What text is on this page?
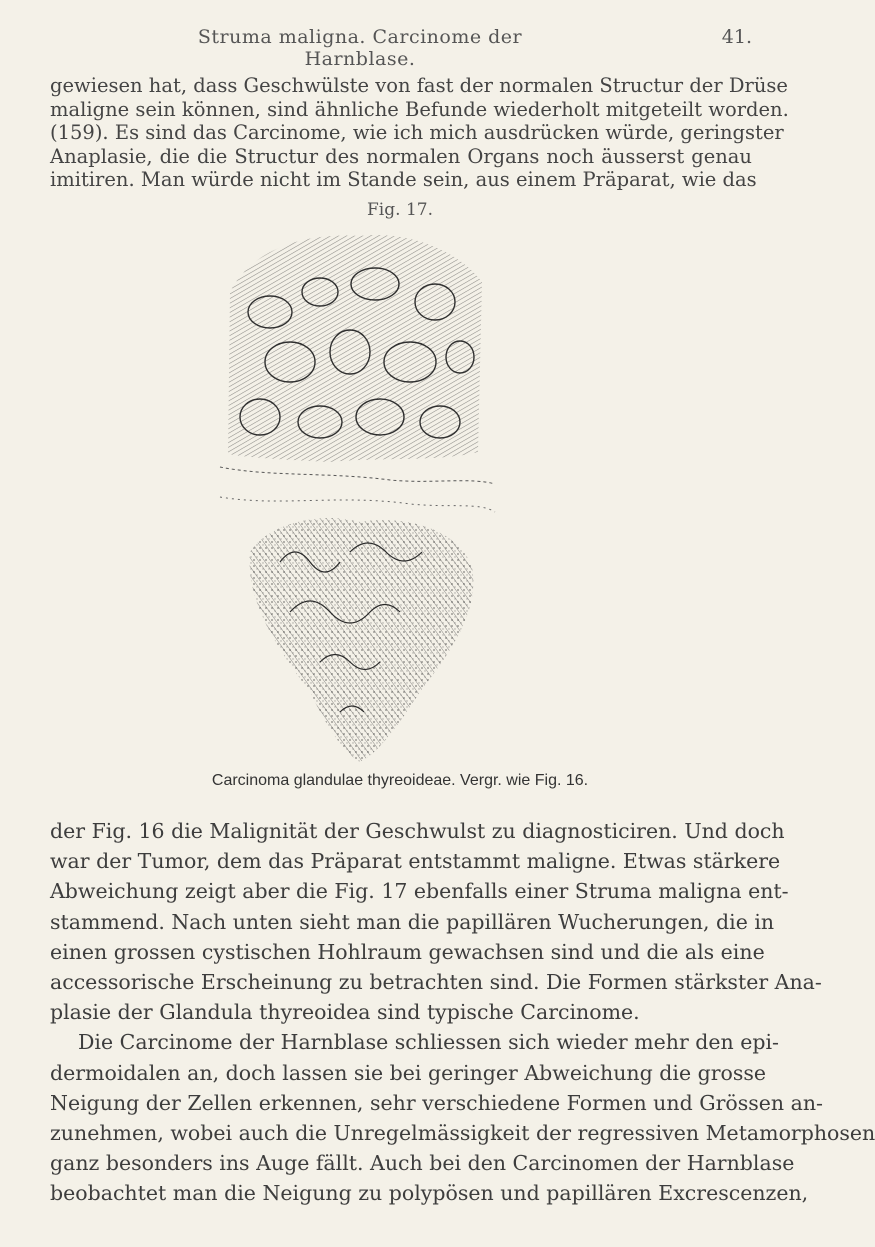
Struma maligna. Carcinome der Harnblase.
41.
gewiesen hat, dass Geschwülste von fast der normalen Structur der Drüse
maligne sein können, sind ähnliche Befunde wiederholt mitgeteilt worden.
(159). Es sind das Carcinome, wie ich mich ausdrücken würde, geringster
Anaplasie, die die Structur des normalen Organs noch äusserst genau
imitiren. Man würde nicht im Stande sein, aus einem Präparat, wie das
Fig. 17.
Carcinoma glandulae thyreoideae. Vergr. wie Fig. 16.
der Fig. 16 die Malignität der Geschwulst zu diagnosticiren. Und doch
war der Tumor, dem das Präparat entstammt maligne. Etwas stärkere
Abweichung zeigt aber die Fig. 17 ebenfalls einer Struma maligna ent-
stammend. Nach unten sieht man die papillären Wucherungen, die in
einen grossen cystischen Hohlraum gewachsen sind und die als eine
accessorische Erscheinung zu betrachten sind. Die Formen stärkster Ana-
plasie der Glandula thyreoidea sind typische Carcinome.
Die Carcinome der Harnblase schliessen sich wieder mehr den epi-
dermoidalen an, doch lassen sie bei geringer Abweichung die grosse
Neigung der Zellen erkennen, sehr verschiedene Formen und Grössen an-
zunehmen, wobei auch die Unregelmässigkeit der regressiven Metamorphosen
ganz besonders ins Auge fällt. Auch bei den Carcinomen der Harnblase
beobachtet man die Neigung zu polypösen und papillären Excrescenzen,
